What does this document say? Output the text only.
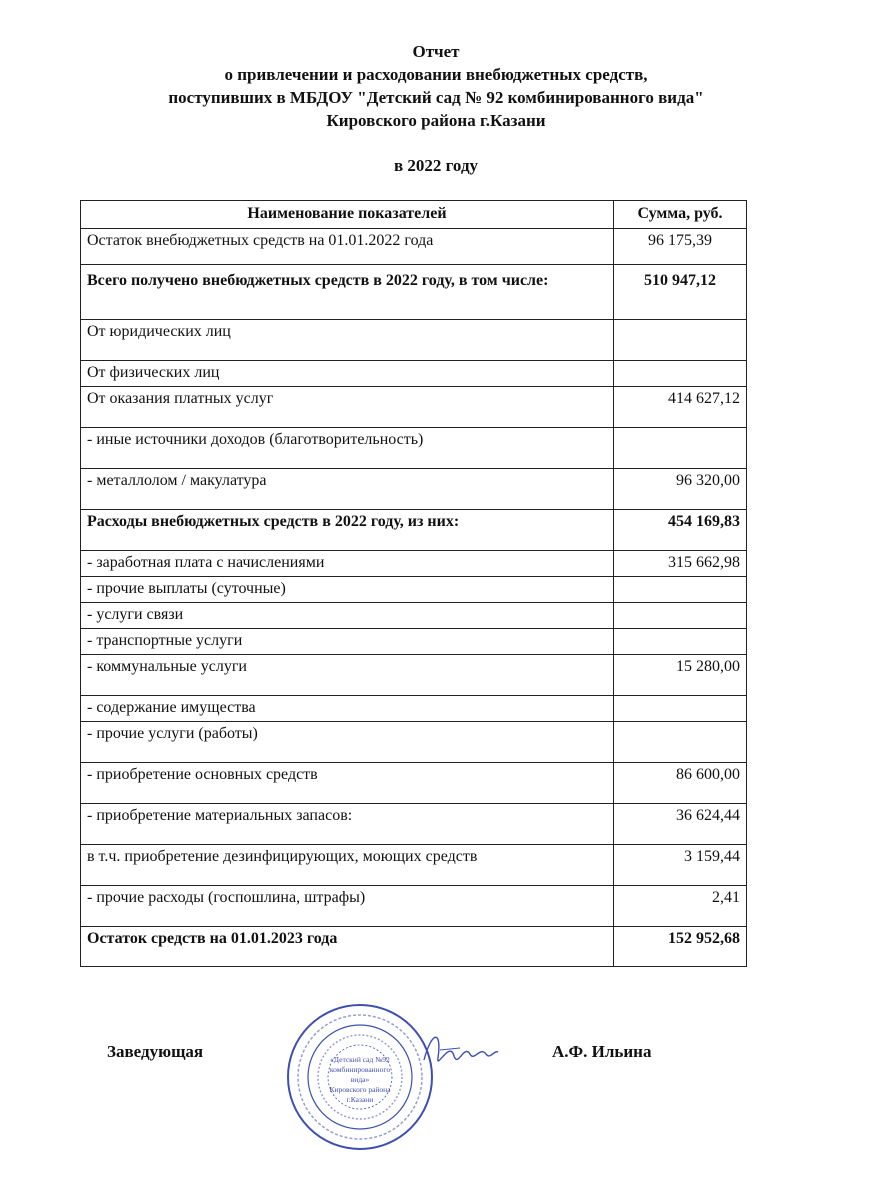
Отчет
о привлечении и расходовании внебюджетных средств,
поступивших в МБДОУ "Детский сад № 92 комбинированного вида"
Кировского района г.Казани
в 2022 году
Наименование показателей	Сумма, руб.
Остаток внебюджетных средств на 01.01.2022 года	96 175,39
Всего получено внебюджетных средств в 2022 году, в том числе:	510 947,12
От юридических лиц	
От физических лиц	
От оказания платных услуг	414 627,12
- иные источники доходов (благотворительность)	
- металлолом / макулатура	96 320,00
Расходы внебюджетных средств в 2022 году, из них:	454 169,83
- заработная плата с начислениями	315 662,98
- прочие выплаты (суточные)	
- услуги связи	
- транспортные услуги	
- коммунальные услуги	15 280,00
- содержание имущества	
- прочие услуги (работы)	
- приобретение основных средств	86 600,00
- приобретение материальных запасов:	36 624,44
в т.ч. приобретение дезинфицирующих, моющих средств	3 159,44
- прочие расходы (госпошлина, штрафы)	2,41
Остаток средств на 01.01.2023 года	152 952,68
Заведующая	«Детский сад №92
комбинированного
вида»
Кировского района
г.Казани
А.Ф. Ильина
